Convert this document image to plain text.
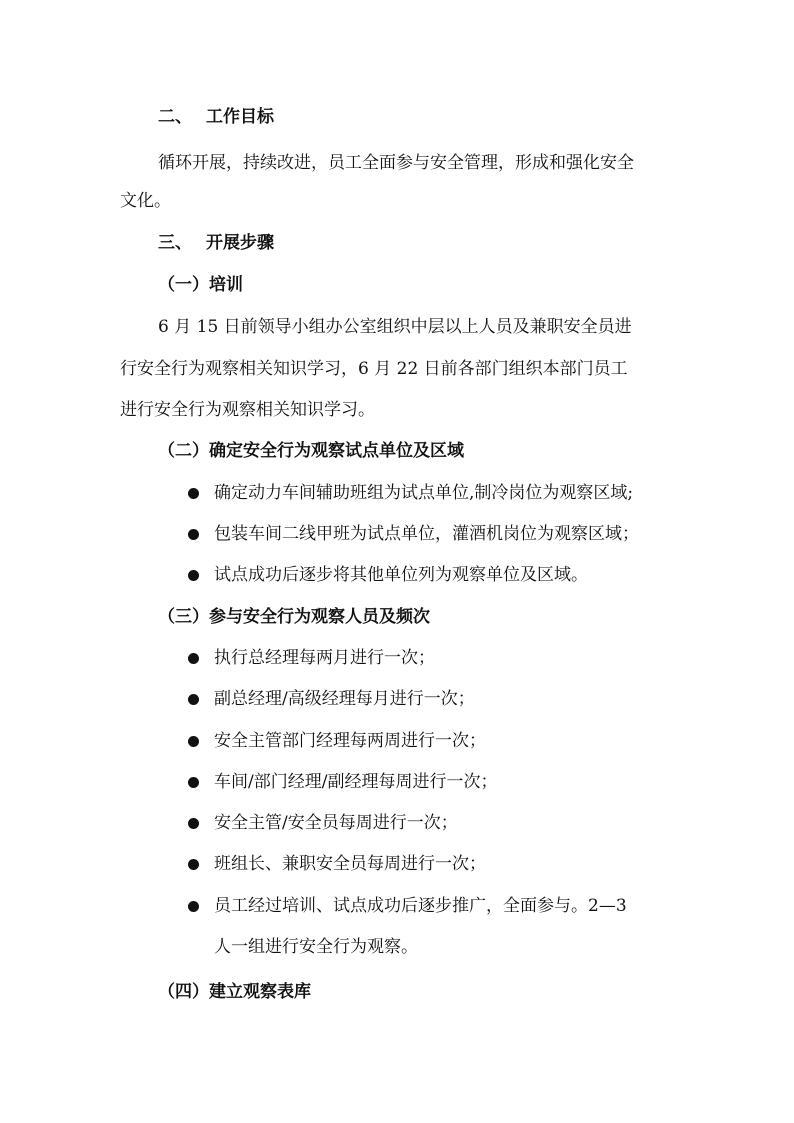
二、 工作目标
循环开展，持续改进，员工全面参与安全管理，形成和强化安全
文化。
三、 开展步骤
（一）培训
6 月 15 日前领导小组办公室组织中层以上人员及兼职安全员进
行安全行为观察相关知识学习，6 月 22 日前各部门组织本部门员工
进行安全行为观察相关知识学习。
（二）确定安全行为观察试点单位及区域
确定动力车间辅助班组为试点单位,制冷岗位为观察区域;
包装车间二线甲班为试点单位，灌酒机岗位为观察区域；
试点成功后逐步将其他单位列为观察单位及区域。
（三）参与安全行为观察人员及频次
执行总经理每两月进行一次；
副总经理/高级经理每月进行一次；
安全主管部门经理每两周进行一次；
车间/部门经理/副经理每周进行一次；
安全主管/安全员每周进行一次；
班组长、兼职安全员每周进行一次；
员工经过培训、试点成功后逐步推广，全面参与。2—3
人一组进行安全行为观察。
（四）建立观察表库
